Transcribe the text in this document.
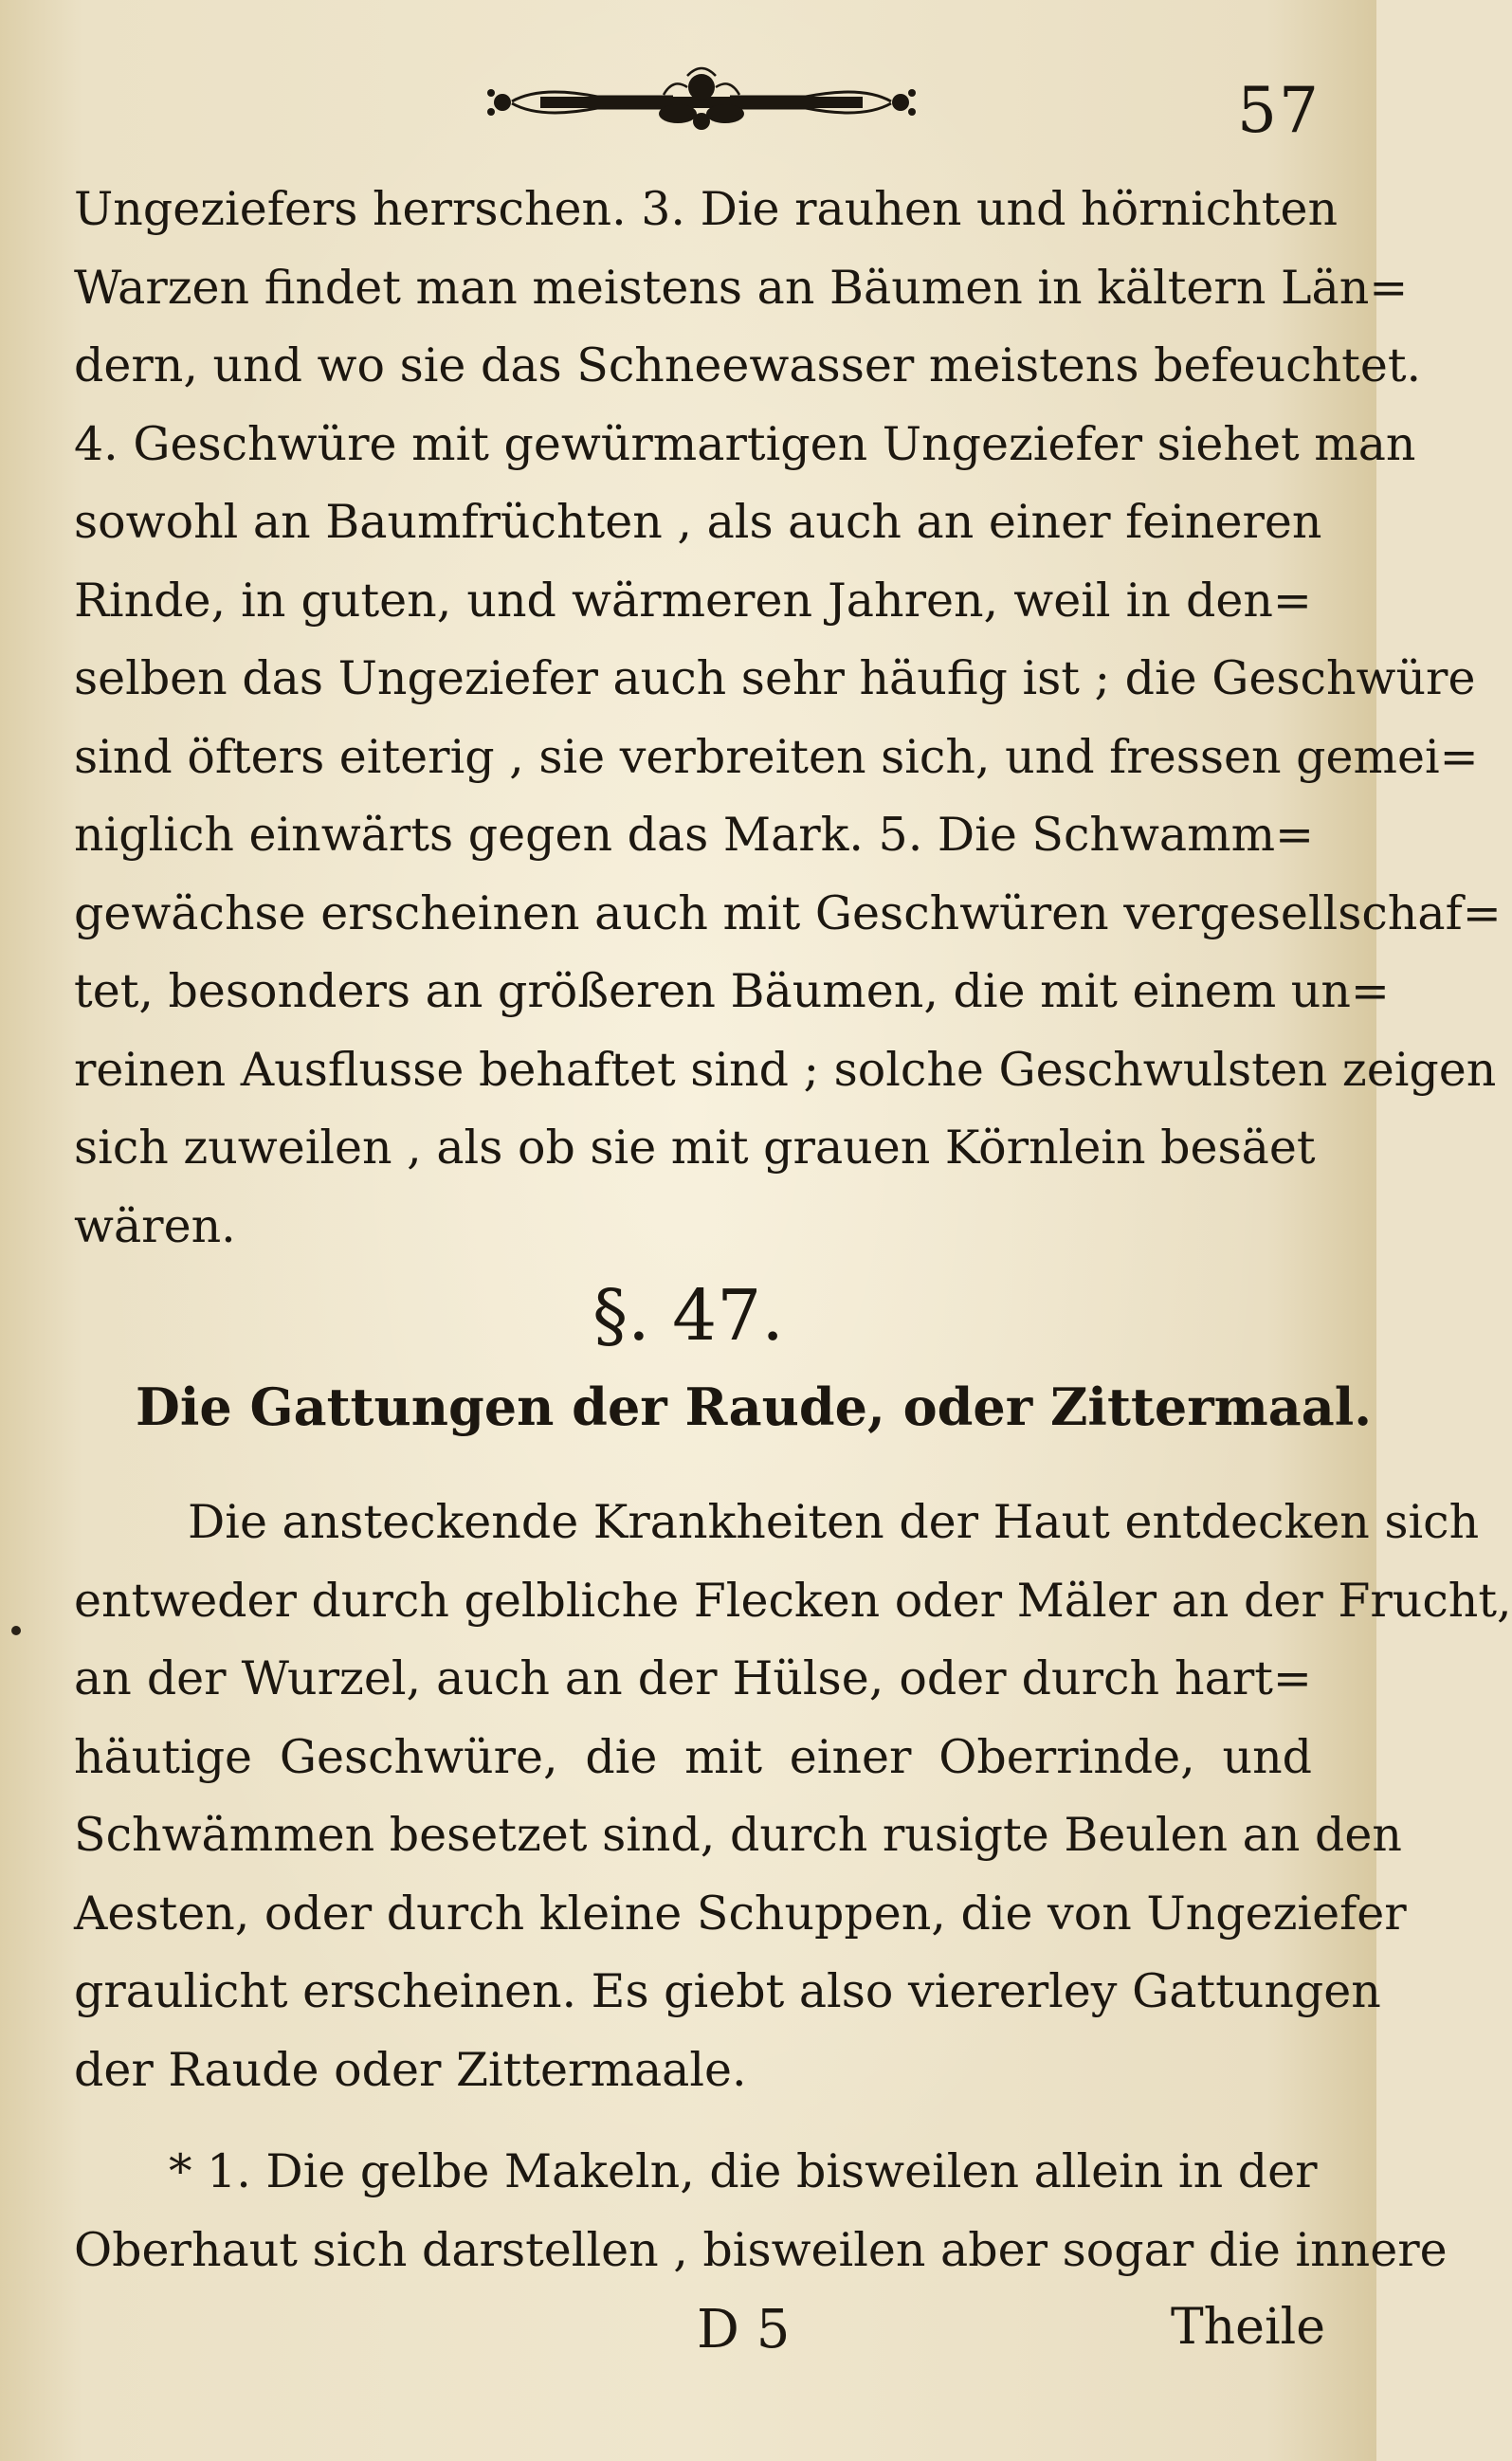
57
Ungeziefers herrschen. 3. Die rauhen und hörnichten
Warzen findet man meistens an Bäumen in kältern Län=
dern, und wo sie das Schneewasser meistens befeuchtet.
4. Geschwüre mit gewürmartigen Ungeziefer siehet man
sowohl an Baumfrüchten , als auch an einer feineren
Rinde, in guten, und wärmeren Jahren, weil in den=
selben das Ungeziefer auch sehr häufig ist ; die Geschwüre
sind öfters eiterig , sie verbreiten sich, und fressen gemei=
niglich einwärts gegen das Mark. 5. Die Schwamm=
gewächse erscheinen auch mit Geschwüren vergesellschaf=
tet, besonders an größeren Bäumen, die mit einem un=
reinen Ausflusse behaftet sind ; solche Geschwulsten zeigen
sich zuweilen , als ob sie mit grauen Körnlein besäet
wären.
§. 47.
Die Gattungen der Raude, oder Zittermaal.
Die ansteckende Krankheiten der Haut entdecken sich
entweder durch gelbliche Flecken oder Mäler an der Frucht,
an der Wurzel, auch an der Hülse, oder durch hart=
häutige Geschwüre, die mit einer Oberrinde, und
Schwämmen besetzet sind, durch rusigte Beulen an den
Aesten, oder durch kleine Schuppen, die von Ungeziefer
graulicht erscheinen. Es giebt also viererley Gattungen
der Raude oder Zittermaale.
* 1. Die gelbe Makeln, die bisweilen allein in der
Oberhaut sich darstellen , bisweilen aber sogar die innere
D 5	Theile
